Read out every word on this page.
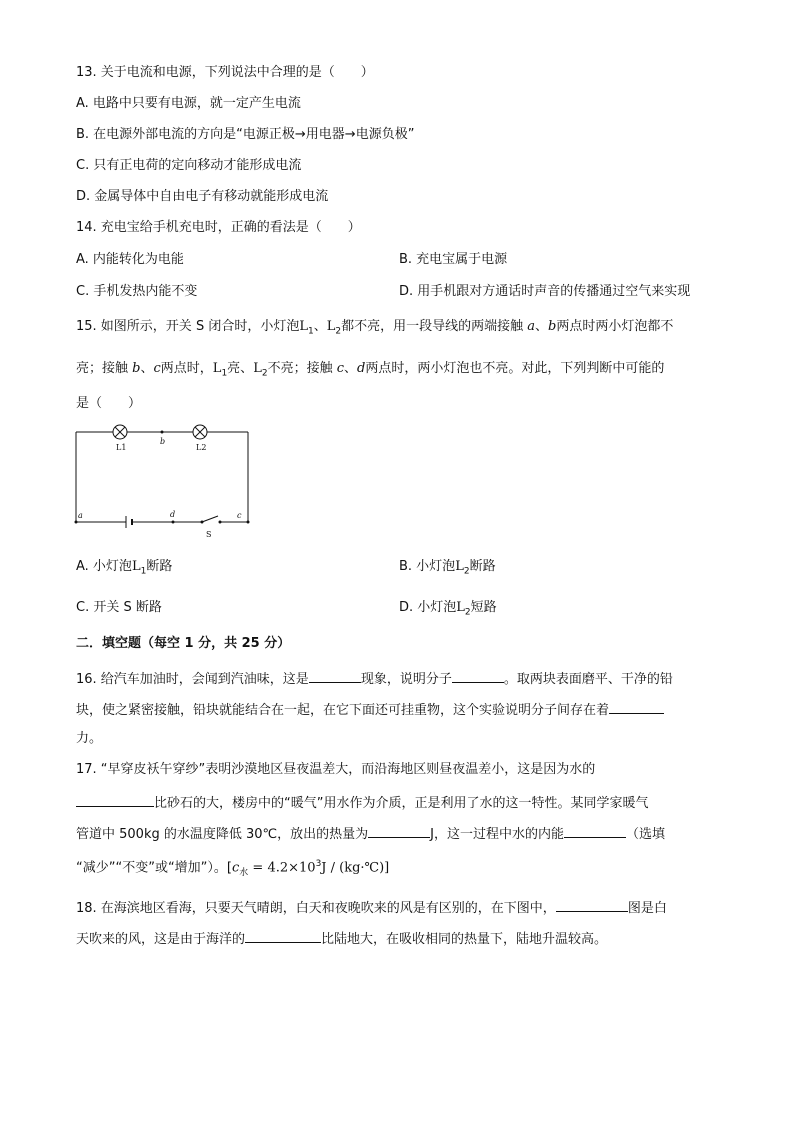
13. 关于电流和电源，下列说法中合理的是（　　）
A. 电路中只要有电源，就一定产生电流
B. 在电源外部电流的方向是“电源正极→用电器→电源负极”
C. 只有正电荷的定向移动才能形成电流
D. 金属导体中自由电子有移动就能形成电流
14. 充电宝给手机充电时，正确的看法是（　　）
A. 内能转化为电能	B. 充电宝属于电源
C. 手机发热内能不变	D. 用手机跟对方通话时声音的传播通过空气来实现
15. 如图所示，开关 S 闭合时，小灯泡$L_1$、$L_2$都不亮，用一段导线的两端接触 a、b两点时两小灯泡都不
亮；接触 b、c两点时，$L_1$亮、$L_2$不亮；接触 c、d两点时，两小灯泡也不亮。对此，下列判断中可能的
是（　　）
L1	L2
b
a	d	c
S
A. 小灯泡$L_1$断路	B. 小灯泡$L_2$断路
C. 开关 S 断路	D. 小灯泡$L_2$短路
二．填空题（每空 1 分，共 25 分）
16. 给汽车加油时，会闻到汽油味，这是	现象，说明分子	。取两块表面磨平、干净的铅
块，使之紧密接触，铅块就能结合在一起，在它下面还可挂重物，这个实验说明分子间存在着
力。
17. “早穿皮袄午穿纱”表明沙漠地区昼夜温差大，而沿海地区则昼夜温差小，这是因为水的
比砂石的大，楼房中的“暖气”用水作为介质，正是利用了水的这一特性。某同学家暖气
管道中 500kg 的水温度降低 30℃，放出的热量为	J，这一过程中水的内能	（选填
“减少”“不变”或“增加”）。[$c_水 = 4.2\times 10^3J$ / (kg·℃)]
18. 在海滨地区看海，只要天气晴朗，白天和夜晚吹来的风是有区别的，在下图中，	图是白
天吹来的风，这是由于海洋的	比陆地大，在吸收相同的热量下，陆地升温较高。
